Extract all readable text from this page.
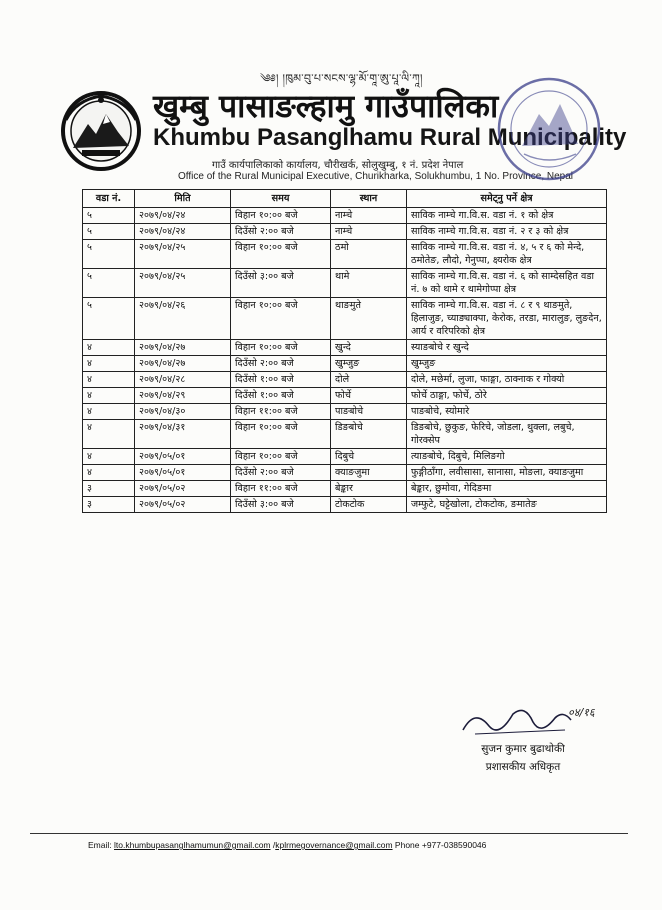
༄༅། །ཁུམ་བུ་པ་སངས་ལྷ་མོ་གཱ་ཨུ་པཱ་ལི་ཀཱ།
खुम्बु पासाङल्हामु गाउँपालिका
Khumbu Pasanglhamu Rural Municipality
गाउँ कार्यपालिकाको कार्यालय, चौरीखर्क, सोलुखुम्बु, १ नं. प्रदेश नेपाल
Office of the Rural Municipal Executive, Churikharka, Solukhumbu, 1 No. Province, Nepal
वडा नं.	मिति	समय	स्थान	समेट्नु पर्ने क्षेत्र
५	२०७९/०४/२४	विहान १०:०० बजे	नाम्चे	साविक नाम्चे गा.वि.स. वडा नं. १ को क्षेत्र
५	२०७९/०४/२४	दिउँसो २:०० बजे	नाम्चे	साविक नाम्चे गा.वि.स. वडा नं. २ र ३ को क्षेत्र
५	२०७९/०४/२५	विहान १०:०० बजे	ठमो	साविक नाम्चे गा.वि.स. वडा नं. ४, ५ र ६ को मेन्दे, ठमोतेङ, लौदो, गेनुप्पा, क्ष्यरोक क्षेत्र
५	२०७९/०४/२५	दिउँसो ३:०० बजे	थामे	साविक नाम्चे गा.वि.स. वडा नं. ६ को साम्देसहित वडा नं. ७ को थामे र थामेगोप्पा क्षेत्र
५	२०७९/०४/२६	विहान १०:०० बजे	थाङमुते	साविक नाम्चे गा.वि.स. वडा नं. ८ र ९ थाङमुते, हिलाजुङ, च्याङ्याक्पा, केरोक, तरडा, मारालुङ, लुङदेन, आर्य र वरिपरिको क्षेत्र
४	२०७९/०४/२७	विहान १०:०० बजे	खुन्दे	स्याङबोचे र खुन्दे
४	२०७९/०४/२७	दिउँसो २:०० बजे	खुम्जुङ	खुम्जुङ
४	२०७९/०४/२८	दिउँसो १:०० बजे	दोले	दोले, मछेर्मा, लुजा, फाङ्गा, ठाक्नाक र गोक्यो
४	२०७९/०४/२९	दिउँसो १:०० बजे	फोर्चे	फोर्चे ठाङ्गा, फोर्चे, ठोरे
४	२०७९/०४/३०	विहान ११:०० बजे	पाङबोचे	पाङबोचे, स्योमारे
४	२०७९/०४/३१	विहान १०:०० बजे	डिङबोचे	डिङबोचे, छुकुङ, फेरिचे, जोडला, थुक्ला, लबुचे, गोरक्सेप
४	२०७९/०५/०१	विहान १०:०० बजे	दिबुचे	त्याङबोचे, दिबुचे, मिलिङगो
४	२०७९/०५/०१	दिउँसो २:०० बजे	क्याङजुमा	फुङ्गीठाँगा, लवीसासा, सानासा, मोङला, क्याङजुमा
३	२०७९/०५/०२	विहान ११:०० बजे	बेङ्कार	बेङ्कार, छुमोवा, गेदिङमा
३	२०७९/०५/०२	दिउँसो ३:०० बजे	टोकटोक	जम्फुटे, घट्टेखोला, टोकटोक, ङमातेङ
०४/१६
सुजन कुमार बुढाथोकी
प्रशासकीय अधिकृत
Email: lto.khumbupasanglhamumun@gmail.com /kplrmegovernance@gmail.com Phone +977-038590046
